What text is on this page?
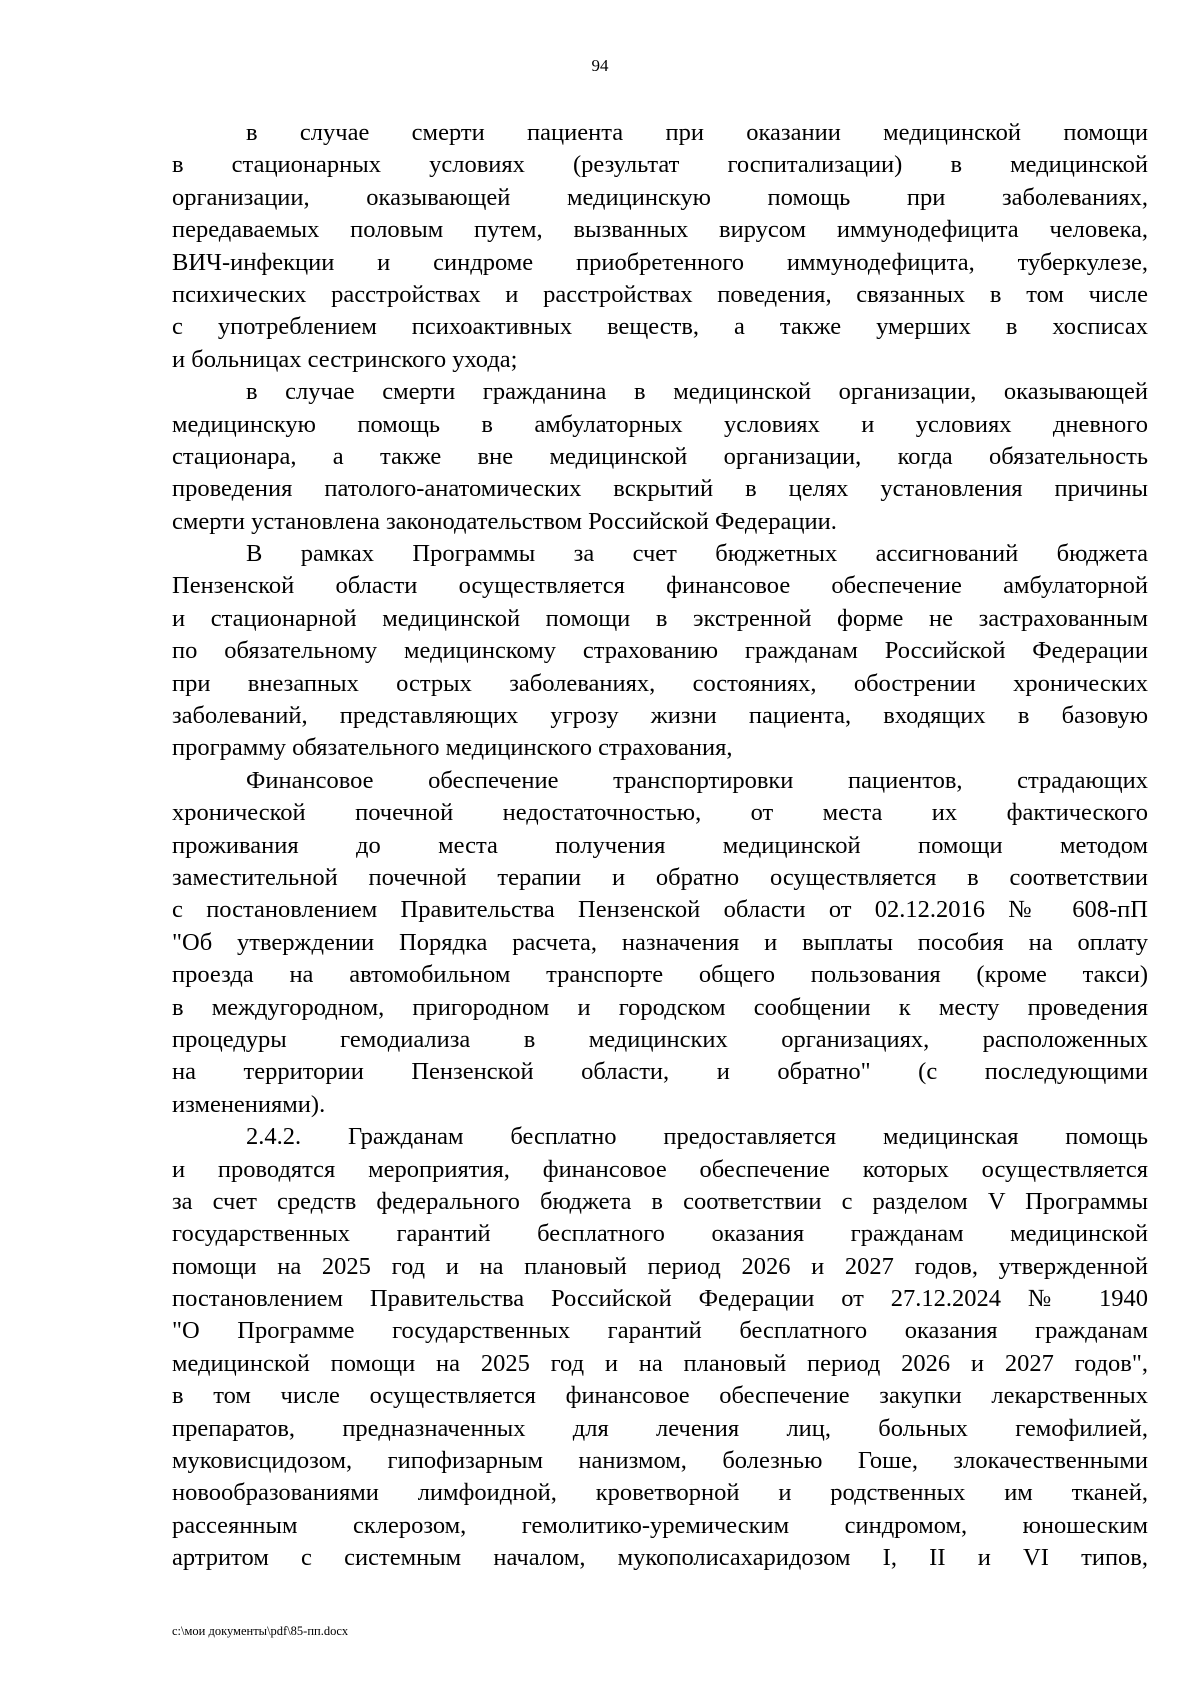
94
в случае смерти пациента при оказании медицинской помощи
в стационарных условиях (результат госпитализации) в медицинской
организации, оказывающей медицинскую помощь при заболеваниях,
передаваемых половым путем, вызванных вирусом иммунодефицита человека,
ВИЧ-инфекции и синдроме приобретенного иммунодефицита, туберкулезе,
психических расстройствах и расстройствах поведения, связанных в том числе
с употреблением психоактивных веществ, а также умерших в хосписах
и больницах сестринского ухода;
в случае смерти гражданина в медицинской организации, оказывающей
медицинскую помощь в амбулаторных условиях и условиях дневного
стационара, а также вне медицинской организации, когда обязательность
проведения патолого-анатомических вскрытий в целях установления причины
смерти установлена законодательством Российской Федерации.
В рамках Программы за счет бюджетных ассигнований бюджета
Пензенской области осуществляется финансовое обеспечение амбулаторной
и стационарной медицинской помощи в экстренной форме не застрахованным
по обязательному медицинскому страхованию гражданам Российской Федерации
при внезапных острых заболеваниях, состояниях, обострении хронических
заболеваний, представляющих угрозу жизни пациента, входящих в базовую
программу обязательного медицинского страхования,
Финансовое обеспечение транспортировки пациентов, страдающих
хронической почечной недостаточностью, от места их фактического
проживания до места получения медицинской помощи методом
заместительной почечной терапии и обратно осуществляется в соответствии
с постановлением Правительства Пензенской области от 02.12.2016 № 608-пП
"Об утверждении Порядка расчета, назначения и выплаты пособия на оплату
проезда на автомобильном транспорте общего пользования (кроме такси)
в междугородном, пригородном и городском сообщении к месту проведения
процедуры гемодиализа в медицинских организациях, расположенных
на территории Пензенской области, и обратно" (с последующими
изменениями).
2.4.2. Гражданам бесплатно предоставляется медицинская помощь
и проводятся мероприятия, финансовое обеспечение которых осуществляется
за счет средств федерального бюджета в соответствии с разделом V Программы
государственных гарантий бесплатного оказания гражданам медицинской
помощи на 2025 год и на плановый период 2026 и 2027 годов, утвержденной
постановлением Правительства Российской Федерации от 27.12.2024 № 1940
"О Программе государственных гарантий бесплатного оказания гражданам
медицинской помощи на 2025 год и на плановый период 2026 и 2027 годов",
в том числе осуществляется финансовое обеспечение закупки лекарственных
препаратов, предназначенных для лечения лиц, больных гемофилией,
муковисцидозом, гипофизарным нанизмом, болезнью Гоше, злокачественными
новообразованиями лимфоидной, кроветворной и родственных им тканей,
рассеянным склерозом, гемолитико-уремическим синдромом, юношеским
артритом с системным началом, мукополисахаридозом I, II и VI типов,
c:\мои документы\pdf\85-пп.docx
